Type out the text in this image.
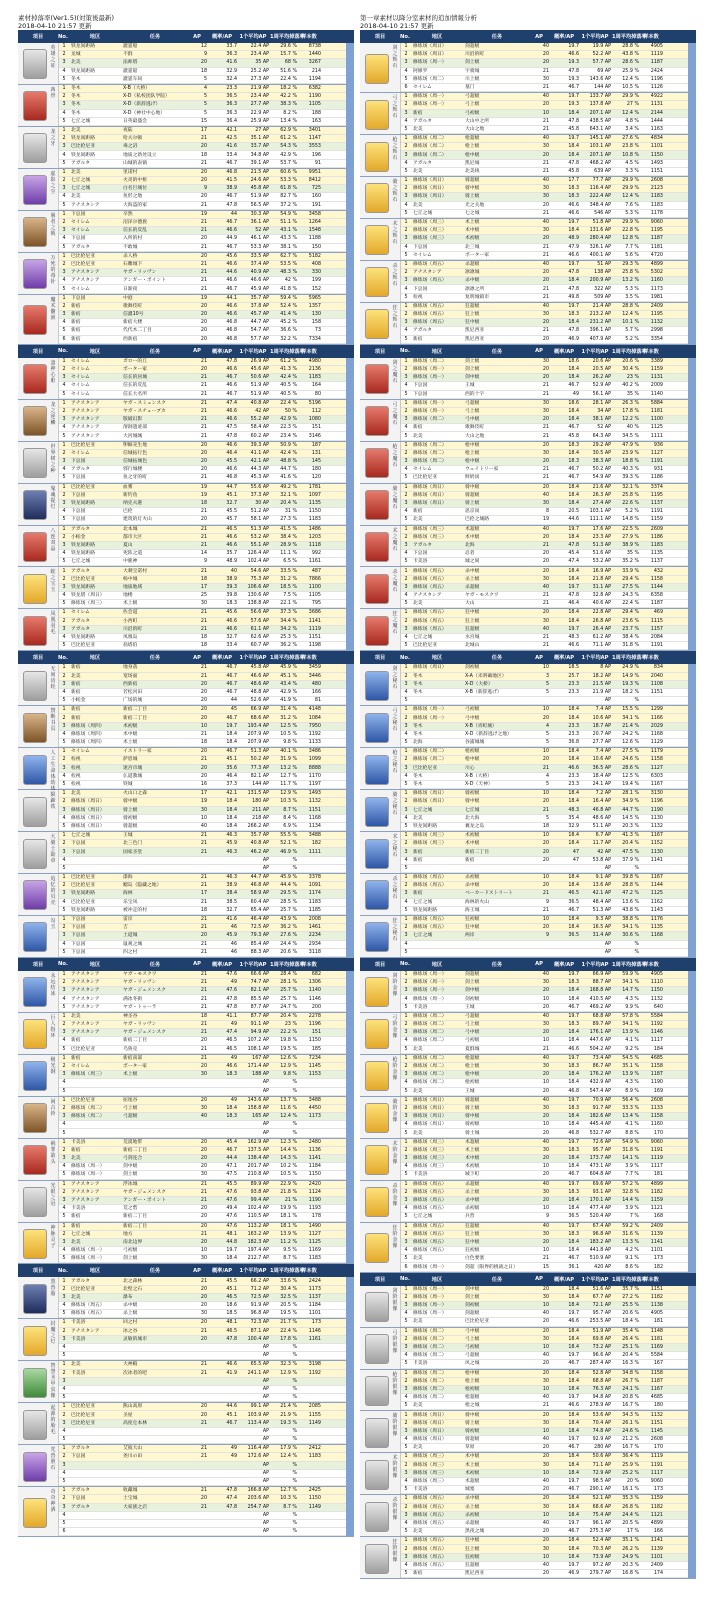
素材掉落率(Ver1.5)(対策後最新)
2018-04-10 21:57 更新
第一章素材以降分室素材的追加情報分析
2018-04-10 21:57 更新
项目	No.	地区	任务	AP	概率/AP	1个平均AP 1周平均掉落率
样本数
英雄之证
1	铁龙间距路	灌霊船	12	33.7	22.4 AP	29.6 %	8738
2	龙城	不群	9	36.3	23.4 AP	15.7 %	1440
3	北美	法师塔	20	41.6	35 AP	68 %	3267
4	铁龙间距路	灌霊船	18	32.9	25.2 AP	51.6 %	214
5	冬木	灌霊车间	5	32.4	27.3 AP	22.4 %	1194
凶骨
1	冬木	X-B（大桥）	4	23.3	21.9 AP	18.2 %	6382
2	冬木	X-D（私校团队学院）	5	36.5	23.4 AP	42.2 %	1190
3	冬木	X-D（新辞逃げ）	5	36.3	27.7 AP	38.3 %	1105
4	冬木	X-D（神社中心地）	5	36.3	22.9 AP	8.2 %	188
5	七丘之城	日英最盛会	15	36.4	25.9 AP	13.4 %	163
龙之牙
1	北美	夜陆	17	42.1	27 AP	62.9 %	3401
2	铁龙间距路	哈夫尔顿	21	42.5	35.1 AP	61.2 %	1147
3	巴比伦尼亚	毒之沼	20	41.6	33.7 AP	54.3 %	3553
4	铁龙间距路	地质之新处设立	18	33.4	34.8 AP	42.9 %	196
5	アガルタ	山城的表镇	21	46.7	39.1 AP	53.7 %	91
虚影之尘
1	北美	里诺村	20	46.8	21.5 AP	60.6 %	9951
2	七丘之城	火炎的中枢	20	41.5	24.6 AP	53.3 %	8412
3	七丘之城	白名巨城位	9	38.9	45.8 AP	61.8 %	725
4	北美	鱼形之地	20	46.7	51.9 AP	82.7 %	160
5	アナスタシア	大海盗的家	21	47.8	56.5 AP	37.2 %	191
愚者之锁
1	下总国	卒然	19	44	30.3 AP	54.9 %	3458
2	セイレム	沼泽尔德族	21	46.7	36.1 AP	51.1 %	1264
3	セイレム	信长的反乱	21	46.6	52 AP	43.1 %	1548
4	下总国	入所的村	20	44.9	46.1 AP	43.3 %	1188
5	アガルタ	不敢城	21	46.7	53.3 AP	38.1 %	150
万死的毒针
1	巴比伦尼亚	杀人桥	20	45.6	33.5 AP	62.7 %	5182
2	巴比伦尼亚	石雕城下	21	46.6	37.4 AP	53.5 %	408
3	アナスタシア	ヤガ・リッヴン	21	44.6	40.9 AP	48.3 %	330
4	アナスタシア	アンガー・ポイント	21	46.6	46.6 AP	42 %	199
5	セイレム	日渐夜	21	46.7	45.9 AP	41.8 %	152
魔术髓液
1	下总国	中庭	19	44.1	35.7 AP	59.4 %	5965
2	新宿	歌舞伎町	20	46.6	37.8 AP	52.4 %	1357
3	新宿	信濃10号	20	46.6	45.7 AP	41.4 %	130
4	新宿	新宿大楼	20	46.8	44.7 AP	45.2 %	158
5	新宿	代代木二丁目	20	46.8	54.7 AP	36.6 %	73
6	新宿	西新宿	20	46.8	57.7 AP	32.2 %	7334
项目	No.	地区	任务	AP	概率/AP	1个平均AP 1周平均掉落率
样本数
蛮神心脏
1	セイレム	ガロー的丘	21	47.8	26.9 AP	61.2 %	4980
2	セイレム	ボーター家	20	46.6	45.6 AP	41.3 %	2136
3	セイレム	信长的居城	21	46.7	50.6 AP	42.4 %	1183
4	セイレム	信长的反乱	21	46.6	51.9 AP	40.5 %	164
5	セイレム	信长大名所	21	46.7	51.9 AP	40.5 %	80
龙之逆鳞
1	アナスタシア	ヤガ・スミェンスク	21	47.4	40.8 AP	22.4 %	5196
2	アナスタシア	ヤガ・スチューブカ	21	46.6	42 AP	50 %	112
3	アナスタシア	版破幻影	21	46.6	55.2 AP	42.9 %	1080
4	アナスタシア	溶洞遗迹部	21	47.5	58.4 AP	22.3 %	151
5	アナスタシア	大河城城	21	47.8	60.2 AP	23.4 %	3146
世界树之种
1	巴比伦尼亚	卵鲸壳生地	20	46.6	39.3 AP	50.9 %	187
2	セイレム	信城拓行色	20	46.4	41.1 AP	42.4 %	131
3	下总国	信城拓城色	20	45.5	42.1 AP	48.8 %	145
4	アガルタ	邪行城楼	20	46.6	44.3 AP	44.7 %	180
5	下总国	鱼之牙的町	21	46.8	45.3 AP	41.6 %	120
鬼魂提灯
1	巴比伦尼亚	血雾	19	44.7	55.6 AP	49.2 %	1781
2	下总国	新钓鱼	19	45.1	37.3 AP	32.1 %	1097
3	铁龙间距路	纳克夫港	18	32.7	30 AP	20.4 %	1135
4	下总国	巴伦	21	45.5	51.2 AP	31 %	1150
5	下总国	建筑的灯火山	20	45.7	58.1 AP	27.3 %	1183
八连双晶
1	アガルタ	北本城	21	46.5	51.3 AP	41.5 %	1486
2	小帕金	都市大区	21	46.6	53.2 AP	38.4 %	1203
3	铁龙间距路	夏山	21	46.6	55.1 AP	28.9 %	1118
4	铁龙间距路	死阵之道	14	35.7	126.4 AP	11.1 %	992
5	七丘之城	中鹿神	9	48.9	102.4 AP	6.5 %	1161
蛇之宝玉
1	アガルタ	大刺宝诺村	21	40	54.6 AP	33.5 %	487
2	巴比伦尼亚	杨中城	18	38.9	75.3 AP	31.2 %	7866
3	铁龙间距路	地质地域	17	39.3	106.6 AP	18.5 %	1100
4	铁龙塔（周日）	地楼	25	39.8	130.6 AP	7.5 %	1105
5	修炼场（周三）	术上级	30	18.3	138.8 AP	22.1 %	795
凤凰羽毛
1	セイレム	佐会道	21	45.6	56.6 AP	37.3 %	3686
2	アガルタ	小西町	21	46.6	57.6 AP	34.4 %	1141
3	アガルタ	川沿的町	21	46.6	61.1 AP	34.2 %	1119
4	铁龙间距路	凤凰岛	18	32.7	62.6 AP	25.3 %	1151
5	巴比伦尼亚	翁塔伯	18	33.4	60.7 AP	36.2 %	1198
项目	No.	地区	任务	AP	概率/AP	1个平均AP 1周平均掉落率
样本数
无间齿轮
1	新宿	地身落	21	46.7	45.8 AP	45.9 %	3459
2	北美	宽场面	21	46.7	46.6 AP	45.1 %	3446
3	新宿	西新宿	20	46.7	48.6 AP	43.4 %	480
4	新宿	若松河田	20	46.7	48.8 AP	42.9 %	166
5	小帕金	广场的城	20	44	52.6 AP	41.9 %	81
禁断书页
1	新宿	新宿二丁目	20	45	66.9 AP	31.4 %	4148
2	新宿	新宿二丁目	20	46.7	68.6 AP	31.2 %	1084
3	修炼场（周四）	术初级	10	19.7	193.4 AP	12.5 %	7950
4	修炼场（周四）	术中级	21	18.4	207.9 AP	10.5 %	1192
5	修炼场（周四）	术上级	18	18.4	207.9 AP	9.8 %	1133
人工生命体幼
1	セイレム	イストリー家	20	46.7	51.3 AP	40.1 %	3486
2	检视	萨恩城	21	45.1	50.2 AP	31.9 %	1099
3	检视	迷宫市城	20	35.6	77.3 AP	13.2 %	8888
4	检视	仏道教城	20	46.4	82.1 AP	12.7 %	1170
5	检视	铁城	16	37.3	144 AP	11.7 %	1197
陨蹄铁
1	北美	火山口之森	17	42.1	131.5 AP	12.9 %	1493
2	修炼场（周日）	骑中级	19	18.4	180 AP	10.3 %	1132
3	修炼场（周日）	骑上级	30	18.4	211 AP	8.7 %	1151
4	修炼场（周日）	骑初级	10	18.4	218 AP	8.4 %	1168
5	修炼场（周日）	骑超级	40	18.4	266.2 AP	6.9 %	1134
大骑士勋章
1	七丘之城	王城	21	46.3	35.7 AP	55.5 %	3488
2	下总国	北三色门	21	45.9	40.8 AP	52.1 %	182
3	下总国	国家圣堂	21	46.3	46.2 AP	46.9 %	1111
4	AP	%
5	AP	%
追忆的贝壳
1	巴比伦尼亚	漆海	21	46.3	44.7 AP	45.9 %	3378
2	巴比伦尼亚	鳃岛（隐藏之地）	21	38.9	46.8 AP	44.4 %	1091
3	铁龙间距路	海林	17	38.4	58.9 AP	29.5 %	1174
4	巴比伦尼亚	乐宝凤	21	38.5	60.4 AP	28.5 %	1183
5	铁龙间距路	被冲走的村	18	32.7	65.4 AP	25.7 %	1185
勾玉
1	下总国	雷岸	21	41.6	46.4 AP	43.9 %	2008
2	下总国	吉	21	46	72.5 AP	36.2 %	1461
3	下总国	土道城	20	45.9	79.3 AP	27.6 %	2234
4	下总国	鼠观之城	21	46	85.4 AP	24.4 %	2934
5	下总国	四之村	21	46	88.3 AP	20.6 %	3118
项目	No.	地区	任务	AP	概率/AP	1个平均AP 1周平均掉落率
样本数
永远结冰
1	アナスタシア	ヤガ・モスクワ	21	47.6	66.6 AP	28.4 %	682
2	アナスタシア	ヤガ・リッヴン	21	49	74.7 AP	28.1 %	1306
3	アナスタシア	ヤガ・ジェメンスク	21	47.6	82.1 AP	25.7 %	1140
4	アナスタシア	满冰冬街	21	47.8	85.5 AP	25.7 %	1146
5	アナスタシア	ヤガ・トゥーラ	21	47.8	87.7 AP	24.7 %	200
巨人指环
1	北美	神圣谷	18	41.1	87.7 AP	20.4 %	2278
2	アナスタシア	ヤガ・リッヴン	21	49	91.1 AP	23 %	1196
3	アナスタシア	ヤガ・ジェメンスク	21	47.4	94.9 AP	22.2 %	151
4	新宿	新宿二丁目	20	46.5	107.2 AP	19.8 %	1150
5	巴比伦尼亚	乌鲁克	21	46.5	108.1 AP	19.5 %	185
极光钢
1	新宿	新宿南部	21	49	167 AP	12.6 %	7234
2	セイレム	ボーター家	20	46.6	171.4 AP	12.9 %	1145
3	修炼场（周三）	术上级	30	18.3	188 AP	9.8 %	1153
4	AP	%
5	AP	%
闲古铃
1	巴比伦尼亚	屈尾谷	20	49	143.6 AP	13.7 %	3488
2	修炼场（周二）	弓上级	30	18.4	158.8 AP	11.6 %	4450
3	修炼场（周二）	弓超级	40	18.3	165 AP	12.4 %	1173
4	AP	%
5	AP	%
祸罪箭头
1	卡美洛	荒漠地带	20	45.4	162.9 AP	12.3 %	2480
2	新宿	新宿二丁目	20	46.7	137.5 AP	14.4 %	1136
3	北美	弓剑连合	20	44.4	138.4 AP	14.3 %	1141
4	修炼场（周一）	剑中级	20	47.1	201.7 AP	10.2 %	1184
5	修炼场（周一）	剑上级	30	47.5	210.8 AP	10.5 %	1150
光银之冠
1	アナスタシア	浮冰城	21	45.5	89.9 AP	22.9 %	2420
2	アナスタシア	ヤガ・ジェメンスク	21	47.6	93.8 AP	21.8 %	1124
3	アナスタシア	アンガー・ポイント	21	47.6	99.4 AP	21 %	1190
4	卡美洛	荒之砦	20	49.4	102.4 AP	19.9 %	1193
5	新宿	新宿二丁目	20	47.6	110.5 AP	18.1 %	178
神脉灵子
1	新宿	新宿二丁目	20	47.6	113.2 AP	18.1 %	1490
2	七丘之城	地方	21	48.1	163.2 AP	13.9 %	1127
3	北美	南北边界	20	44.8	182.3 AP	11.2 %	1125
4	修炼场（周一）	弓初级	10	19.7	197.4 AP	9.5 %	1169
5	修炼场（周一）	剑上级	30	18.4	212.7 AP	8.7 %	1183
项目	No.	地区	任务	AP	概率/AP	1个平均AP 1周平均掉落率
样本数
黑兽脂
1	アガルタ	北之森林	21	45.5	66.2 AP	33.6 %	2424
2	巴比伦尼亚	北壁之石	20	45.1	71.2 AP	30.4 %	1173
3	北美	瀑布	20	46.5	72.5 AP	32.5 %	1137
4	修炼场（周五）	杀中级	20	18.6	91.9 AP	20.5 %	1184
5	修炼场（周五）	杀上级	30	18.5	96.8 AP	19.5 %	1101
封魔之灯
1	卡美洛	回之村	20	48.1	72.3 AP	21.7 %	173
2	アナスタシア	冰之谷	21	46.5	87.1 AP	22.4 %	1146
3	卡美洛	灵敏的城市	20	47.8	100.4 AP	17.8 %	1161
4	AP	%
5	AP	%
智慧圣甲虫像
1	北美	大神殿	21	46.6	65.5 AP	32.3 %	3198
2	卡美洛	次冰者的吧	21	41.9	241.1 AP	12.9 %	1192
3	AP	%
4	AP	%
5	AP	%
起源的胎毛
1	巴比伦尼亚	熊山高原	20	44.6	99.1 AP	21.4 %	2085
2	巴比伦尼亚	圣屋	20	45.1	103.9 AP	21.9 %	1155
3	巴比伦尼亚	高度仓本林	21	46.7	113.4 AP	19.3 %	1149
4	AP	%
5	AP	%
咒兽胆石
1	アガルタ	艾彼大山	21	49	116.4 AP	17.9 %	2412
2	下总国	尧川の田	21	49	172.6 AP	12.4 %	1183
3	AP	%
4	AP	%
5	AP	%
奇奇神酒
1	アガルタ	收藏城	21	47.8	166.8 AP	12.7 %	2425
2	下总国	土宝城	20	47.4	203.6 AP	10.3 %	1150
3	アガルタ	大家族之店	21	47.8	254.7 AP	8.7 %	1149
4	AP	%
5	AP	%
6	AP	%
项目	No.	地区	任务	AP	概率/AP	1个平均AP 1周平均掉落率
样本数
剑之辉石
1	修炼场（周日）	剑超级	40	19.7	19.9 AP	28.8 %	4905
2	修炼场（周日）	川沿的町	20	46.6	52.2 AP	43.8 %	1119
3	修炼场（周一）	剑上级	20	19.3	57.7 AP	28.6 %	1187
4	阿修罗	宇骑城	21	47.8	69 AP	25.9 %	2424
5	修炼场（周二）	川上级	30	19.3	143.6 AP	12.4 %	1196
6	セイレム	墓门	21	46.7	144 AP	10.5 %	1126
弓之辉石
1	修炼场（周一）	弓超级	40	19.7	133.7 AP	29.9 %	4922
2	修炼场（周一）	弓上级	20	19.3	137.8 AP	27 %	1131
3	新宿	弓初级	10	18.4	207.1 AP	12.4 %	2144
4	アガルタ	大山中之所	21	47.8	438.5 AP	4.8 %	1444
5	北美	大山之地	21	45.8	643.1 AP	3.4 %	1163
枪之辉石
1	修炼场（周二）	枪超级	40	19.7	145.1 AP	27.6 %	4834
2	修炼场（周二）	枪上级	30	18.4	103.1 AP	23.8 %	1101
3	修炼场（周二）	枪中级	20	18.4	207.1 AP	10.8 %	1150
4	アガルタ	凯尼城	21	47.8	468.2 AP	4.5 %	1493
5	北美	北美线	21	45.8	639 AP	3.3 %	1151
骑之辉石
1	修炼场（周日）	骑超级	40	17.7	77.7 AP	29.9 %	2608
2	修炼场（周日）	骑中级	30	18.3	116.4 AP	29.9 %	2123
3	修炼场（周日）	骑上级	30	18.3	222.4 AP	12.4 %	1183
4	北美	光之关地	20	46.6	348.4 AP	7.6 %	1183
5	七丘之城	七之城	21	46.6	546 AP	5.3 %	1178
术之辉石
1	修炼场（周三）	术上级	40	19.7	51.8 AP	29.9 %	9060
2	修炼场（周三）	术中级	30	18.4	131.6 AP	22.8 %	1195
3	修炼场（周三）	术初级	20	48.9	280.4 AP	12.8 %	1187
4	下总国	北三城	21	47.9	326.1 AP	7.7 %	1181
5	セイレム	ボーター家	21	46.6	400.1 AP	5.6 %	4720
杀之辉石
1	修炼场（周五）	杀超级	40	19.7	51 AP	29.3 %	4899
2	アナスタシア	凛凛城	20	47.8	138 AP	25.8 %	5302
3	修炼场（周五）	杀中级	20	18.4	200.9 AP	13.2 %	1160
4	下总国	凛凛之所	21	47.8	322 AP	5.3 %	1173
5	检视	复明城镇市	21	49.8	509 AP	3.5 %	1981
狂之辉石
1	修炼场（周五）	狂超级	40	19.7	21.4 AP	28.8 %	2409
2	修炼场（周五）	狂上级	30	18.3	213.2 AP	12.4 %	1195
3	修炼场（周五）	狂中级	20	18.4	231.2 AP	10.1 %	1132
4	アガルタ	凯尼西亚	21	47.8	396.1 AP	5.7 %	2998
5	新宿	凯尼西亚	20	46.9	407.9 AP	5.2 %	3354
项目	No.	地区	任务	AP	概率/AP	1个平均AP 1周平均掉落率
样本数
剑之魔石
1	修炼场（周二）	剑上级	30	18.6	20.6 AP	20.6 %	3389
2	修炼场（周一）	剑上级	20	18.4	20.5 AP	30.4 %	1159
3	修炼场（周一）	剑中级	20	18.4	26.2 AP	23 %	1131
4	下总国	王城	21	46.7	52.9 AP	40.2 %	2009
5	下总国	西的十字	21	49	56.1 AP	35 %	1140
弓之魔石
1	修炼场（周一）	弓超级	30	18.6	28.1 AP	26.3 %	5884
2	修炼场（周一）	弓上级	30	18.4	34 AP	17.8 %	1181
3	修炼场（周二）	弓中级	20	18.4	38.1 AP	12.2 %	1100
4	新宿	歌舞伎町	21	46.7	52 AP	40 %	1125
5	北美	大山之地	21	45.8	64.3 AP	34.5 %	1111
枪之魔石
1	修炼场（周二）	枪中级	20	18.3	29.2 AP	47.9 %	936
2	修炼场（周二）	枪上级	30	18.4	30.5 AP	23.9 %	1127
3	修炼场（周二）	枪中级	20	18.3	38.3 AP	18.8 %	1191
4	セイレム	ウェイトリー家	21	46.7	50.2 AP	40.3 %	931
5	巴比伦尼亚	鲜奶岗	21	46.7	54.9 AP	39.3 %	1186
骑之魔石
1	修炼场（周日）	骑中级	20	18.4	21.6 AP	32.1 %	3374
2	修炼场（周日）	骑超级	40	18.4	26.3 AP	25.8 %	1195
3	修炼场（周日）	骑上级	30	18.4	27.4 AP	22.6 %	1137
4	新宿	思京岗	8	20.5	103.1 AP	5.2 %	1191
5	北美	巴伦之城路	19	44.6	111.1 AP	14.8 %	1159
术之魔石
1	修炼场（周三）	术超级	40	19.7	17.6 AP	22.5 %	2609
2	修炼场（周三）	术中级	20	18.4	23.3 AP	27.9 %	1186
3	アガルタ	北海	21	47.8	51.3 AP	38.9 %	1183
4	下总国	忍者	20	45.4	51.6 AP	35 %	1135
5	卡美洛	城之间	20	47.4	53.2 AP	35.2 %	1137
杀之魔石
1	修炼场（周五）	杀中级	20	18.4	16.9 AP	33.9 %	432
2	修炼场（周五）	杀上级	30	18.4	21.8 AP	29.4 %	1158
3	修炼场（周五）	杀超级	40	19.7	31.1 AP	27.5 %	1144
4	アナスタシア	ヤガ・モスクワ	21	47.8	32.8 AP	24.3 %	6358
5	北美	大山	21	46.4	40.6 AP	22.4 %	1187
狂之魔石
1	修炼场（周五）	狂中级	20	18.4	22.8 AP	29.4 %	469
2	修炼场（周五）	狂上级	30	18.4	26.8 AP	23.6 %	1115
3	修炼场（周五）	狂超级	40	19.7	26.4 AP	23.7 %	1157
4	七丘之城	水宫城	21	48.3	61.2 AP	38.4 %	2084
5	巴比伦尼亚	北城山	21	46.6	71.1 AP	31.8 %	1191
项目	No.	地区	任务	AP	概率/AP	1个平均AP 1周平均掉落率
样本数
剑之秘石
1	修炼场（周日）	剑初级	10	18.5	8 AP	24.9 %	834
2	冬木	X-A（未明确地区）	3	25.7	18.2 AP	14.9 %	2040
3	冬木	X-D（大桥）	5	23.3	21.5 AP	19.3 %	1108
4	冬木	X-B（新辞逃げ）	5	23.3	21.9 AP	18.2 %	1151
5	AP	%
弓之秘石
1	修炼场（周一）	弓初级	10	18.4	7.4 AP	15.5 %	1299
2	修炼场（周一）	弓中级	20	18.4	10.6 AP	34.1 %	1166
3	冬木	X-B（宵町城）	4	23.3	18.7 AP	21.4 %	2029
4	冬木	X-D（新辞逃げ之地）	5	23.3	20.7 AP	24.2 %	1168
5	北海	谷浦城城	5	36.8	27.7 AP	12.6 %	1129
枪之秘石
1	修炼场（周二）	枪初级	10	18.4	7.4 AP	27.5 %	1179
2	修炼场（周二）	枪中级	20	18.4	10.6 AP	24.6 %	1158
3	巴比伦尼亚	川心	21	46.6	36.5 AP	28.6 %	1127
4	冬木	X-B（大桥）	4	23.3	18.4 AP	12.5 %	6303
5	冬木	X-D（天神）	5	23.3	24.1 AP	19.4 %	1167
骑之秘石
1	修炼场（周日）	骑初级	10	18.4	7.2 AP	28.1 %	3130
2	修炼场（周日）	骑中级	20	18.4	16.4 AP	34.9 %	1196
3	七丘之城	七丘城	21	48.3	46.8 AP	44.7 %	1190
4	北美	北大海	5	35.4	48.6 AP	14.5 %	1130
5	铁龙间距路	翼龙之岛	18	32.9	51.1 AP	20.3 %	1132
术之秘石
1	修炼场（周三）	术初级	10	18.4	6.7 AP	41.3 %	1167
2	修炼场（周三）	术中级	20	18.4	11.7 AP	20.4 %	1152
3	新宿	新宿二丁目	20	47	42 AP	47.5 %	1130
4	新宿	新宿	20	47	53.8 AP	37.9 %	1141
5	AP	%
杀之秘石
1	修炼场（周五）	杀初级	10	18.4	9.1 AP	39.8 %	1167
2	修炼场（周五）	杀中级	20	18.4	13.6 AP	28.8 %	1144
3	新宿	ベーカードストリート	21	46.5	42.1 AP	47.2 %	1125
4	七丘之城	海林的火山	9	36.5	48.4 AP	13.6 %	1162
5	铁龙间距路	海王城	21	46.7	51.3 AP	43.8 %	1143
狂之秘石
1	修炼场（周五）	狂初级	10	18.4	9.3 AP	38.8 %	1176
2	修炼场（周五）	狂中级	20	18.4	16.5 AP	34.1 %	1135
3	七丘之城	两岸	9	36.5	31.4 AP	30.6 %	1168
4	AP	%
5	AP	%
项目	No.	地区	任务	AP	概率/AP	1个平均AP 1周平均掉落率
样本数
剑阶金像
1	修炼场（周一）	剑超级	40	19.7	66.9 AP	59.9 %	4905
2	修炼场（周一）	剑上级	30	18.3	88.7 AP	34.1 %	1110
3	修炼场（周一）	剑中级	20	18.4	168.8 AP	14.7 %	1150
4	修炼场（周一）	剑初级	10	18.4	410.5 AP	4.3 %	1132
5	卡美洛	王城	20	46.7	469.2 AP	9.9 %	640
弓阶金像
1	修炼场（周二）	弓超级	40	19.7	68.8 AP	57.8 %	5584
2	修炼场（周二）	弓上级	30	18.3	89.7 AP	34.1 %	1192
3	修炼场（周二）	弓中级	20	18.4	176.1 AP	13.9 %	1146
4	修炼场（周二）	弓初级	10	18.4	447.6 AP	4.1 %	1117
5	北美	夏群城	21	46.6	504.2 AP	9.2 %	184
枪阶金像
1	修炼场（周二）	枪超级	40	19.7	73.4 AP	54.5 %	4685
2	修炼场（周二）	枪上级	30	18.3	86.7 AP	35.1 %	1158
3	修炼场（周二）	枪中级	20	18.4	176.2 AP	13.9 %	1187
4	修炼场（周二）	枪初级	10	18.4	432.9 AP	4.3 %	1190
5	北美	王城	20	46.8	547.4 AP	8.9 %	169
骑阶金像
1	修炼场（周日）	骑超级	40	19.7	70.9 AP	56.4 %	2608
2	修炼场（周日）	骑上级	30	18.3	91.7 AP	33.3 %	1133
3	修炼场（周日）	骑中级	20	18.4	182.6 AP	13.4 %	1158
4	修炼场（周日）	骑初级	10	18.4	445.4 AP	4.1 %	1160
5	北美	骑士城	20	46.8	532.7 AP	8.8 %	170
术阶金像
1	修炼场（周三）	术超级	40	19.7	72.6 AP	54.9 %	9060
2	修炼场（周三）	术上级	30	18.3	95.7 AP	31.8 %	1191
3	修炼场（周三）	术中级	20	18.4	173.7 AP	14.1 %	1119
4	修炼场（周三）	术初级	10	18.4	473.1 AP	3.9 %	1117
5	卡美洛	城下町	20	46.7	604.8 AP	7.7 %	181
杀阶金像
1	修炼场（周五）	杀超级	40	19.7	69.6 AP	57.2 %	4899
2	修炼场（周五）	杀上级	30	18.3	93.1 AP	32.8 %	1182
3	修炼场（周五）	杀中级	20	18.4	170.1 AP	14.4 %	1159
4	修炼场（周五）	杀初级	10	18.4	477.4 AP	3.9 %	1121
5	七丘之城	兵营	9	36.5	520.4 AP	7 %	168
狂阶金像
1	修炼场（周五）	狂超级	40	19.7	67.4 AP	59.2 %	2409
2	修炼场（周五）	狂上级	30	18.3	96.8 AP	31.6 %	1139
3	修炼场（周五）	狂中级	20	18.4	183.2 AP	13.3 %	1141
4	修炼场（周五）	狂初级	10	18.4	441.8 AP	4.2 %	1101
5	北美	白色要塞	21	46.7	510.9 AP	9.1 %	173
6	修炼场（周一）	剑超（限界的挑战之日）	15	36.1	420 AP	8.6 %	182
项目	No.	地区	任务	AP	概率/AP	1个平均AP 1周平均掉落率
样本数
剑阶银像
1	修炼场（周一）	剑中级	20	18.4	51.6 AP	35.7 %	1151
2	修炼场（周一）	剑上级	30	18.4	67.7 AP	27.2 %	1182
3	修炼场（周一）	剑初级	10	18.4	72.1 AP	25.5 %	1138
4	修炼场（周一）	剑超级	40	19.7	95.7 AP	20.6 %	4905
5	北美	巴比伦尼亚	20	46.6	253.5 AP	18.4 %	181
弓阶银像
1	修炼场（周二）	弓中级	20	18.4	51.9 AP	35.4 %	1148
2	修炼场（周二）	弓上级	30	18.4	69.8 AP	26.4 %	1181
3	修炼场（周二）	弓初级	10	18.4	73.2 AP	25.1 %	1169
4	修炼场（周二）	弓超级	40	19.7	96.6 AP	20.4 %	5584
5	卡美洛	风之城	20	46.7	287.4 AP	16.3 %	167
枪阶银像
1	修炼场（周二）	枪中级	20	18.4	52.8 AP	34.8 %	1158
2	修炼场（周二）	枪上级	30	18.4	68.8 AP	26.7 %	1187
3	修炼场（周二）	枪初级	10	18.4	76.3 AP	24.1 %	1167
4	修炼场（周二）	枪超级	40	19.7	94.8 AP	20.8 %	4685
5	北美	枪之城	21	46.6	278.9 AP	16.7 %	180
骑阶银像
1	修炼场（周日）	骑中级	20	18.4	53.6 AP	34.3 %	1132
2	修炼场（周日）	骑上级	30	18.4	70.4 AP	26.1 %	1151
3	修炼场（周日）	骑初级	10	18.4	74.8 AP	24.6 %	1145
4	修炼场（周日）	骑超级	40	19.7	92.9 AP	21.2 %	2608
5	北美	草原	20	46.7	280 AP	16.7 %	170
术阶银像
1	修炼场（周三）	术中级	20	18.4	50.6 AP	36.4 %	1119
2	修炼场（周三）	术上级	30	18.4	71.1 AP	25.9 %	1191
3	修炼场（周三）	术初级	10	18.4	72.9 AP	25.2 %	1117
4	修炼场（周三）	术超级	40	19.7	98.5 AP	20 %	9060
5	卡美洛	城塞	20	46.7	290.1 AP	16.1 %	173
杀阶银像
1	修炼场（周五）	杀中级	20	18.4	52.1 AP	35.3 %	1159
2	修炼场（周五）	杀上级	30	18.4	68.6 AP	26.8 %	1182
3	修炼场（周五）	杀初级	10	18.4	75.4 AP	24.4 %	1121
4	修炼场（周五）	杀超级	40	19.7	96.1 AP	20.5 %	4899
5	北美	黑夜之城	20	46.7	275.3 AP	17 %	166
狂阶银像
1	修炼场（周五）	狂中级	20	18.4	52.4 AP	35.1 %	1141
2	修炼场（周五）	狂上级	30	18.4	70.3 AP	26.2 %	1139
3	修炼场（周五）	狂初级	10	18.4	73.9 AP	24.9 %	1101
4	修炼场（周五）	狂超级	40	19.7	97.2 AP	20.3 %	2409
5	新宿	凯尼西亚	20	46.9	279.7 AP	16.8 %	174
